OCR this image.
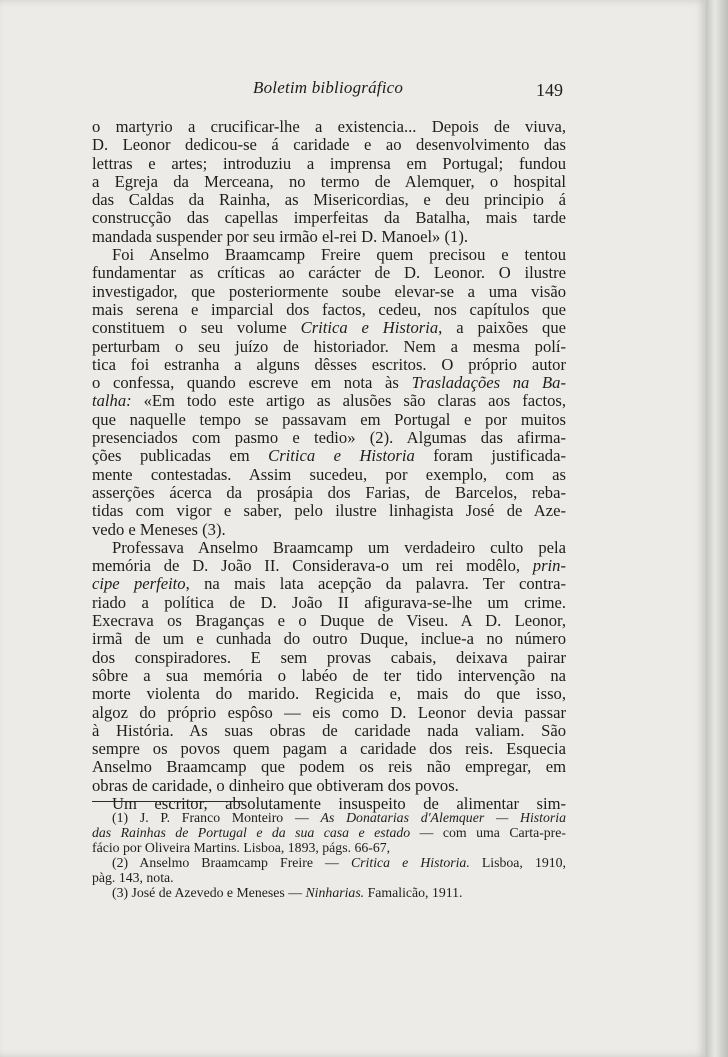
Boletim bibliográfico	149
o martyrio a crucificar-lhe a existencia... Depois de viuva,
D. Leonor dedicou-se á caridade e ao desenvolvimento das
lettras e artes; introduziu a imprensa em Portugal; fundou
a Egreja da Merceana, no termo de Alemquer, o hospital
das Caldas da Rainha, as Misericordias, e deu principio á
construcção das capellas imperfeitas da Batalha, mais tarde
mandada suspender por seu irmão el-rei D. Manoel» (1).
Foi Anselmo Braamcamp Freire quem precisou e tentou
fundamentar as críticas ao carácter de D. Leonor. O ilustre
investigador, que posteriormente soube elevar-se a uma visão
mais serena e imparcial dos factos, cedeu, nos capítulos que
constituem o seu volume Critica e Historia, a paixões que
perturbam o seu juízo de historiador. Nem a mesma polí-
tica foi estranha a alguns dêsses escritos. O próprio autor
o confessa, quando escreve em nota às Trasladações na Ba-
talha: «Em todo este artigo as alusões são claras aos factos,
que naquelle tempo se passavam em Portugal e por muitos
presenciados com pasmo e tedio» (2). Algumas das afirma-
ções publicadas em Critica e Historia foram justificada-
mente contestadas. Assim sucedeu, por exemplo, com as
asserções ácerca da prosápia dos Farias, de Barcelos, reba-
tidas com vigor e saber, pelo ilustre linhagista José de Aze-
vedo e Meneses (3).
Professava Anselmo Braamcamp um verdadeiro culto pela
memória de D. João II. Considerava-o um rei modêlo, prin-
cipe perfeito, na mais lata acepção da palavra. Ter contra-
riado a política de D. João II afigurava-se-lhe um crime.
Execrava os Braganças e o Duque de Viseu. A D. Leonor,
irmã de um e cunhada do outro Duque, inclue-a no número
dos conspiradores. E sem provas cabais, deixava pairar
sôbre a sua memória o labéo de ter tido intervenção na
morte violenta do marido. Regicida e, mais do que isso,
algoz do próprio espôso — eis como D. Leonor devia passar
à História. As suas obras de caridade nada valiam. São
sempre os povos quem pagam a caridade dos reis. Esquecia
Anselmo Braamcamp que podem os reis não empregar, em
obras de caridade, o dinheiro que obtiveram dos povos.
Um escritor, absolutamente insuspeito de alimentar sim-
(1) J. P. Franco Monteiro — As Donatarias d'Alemquer — Historia
das Rainhas de Portugal e da sua casa e estado — com uma Carta-pre-
fácio por Oliveira Martins. Lisboa, 1893, págs. 66-67,
(2) Anselmo Braamcamp Freire — Critica e Historia. Lisboa, 1910,
pàg. 143, nota.
(3) José de Azevedo e Meneses — Ninharias. Famalicão, 1911.
